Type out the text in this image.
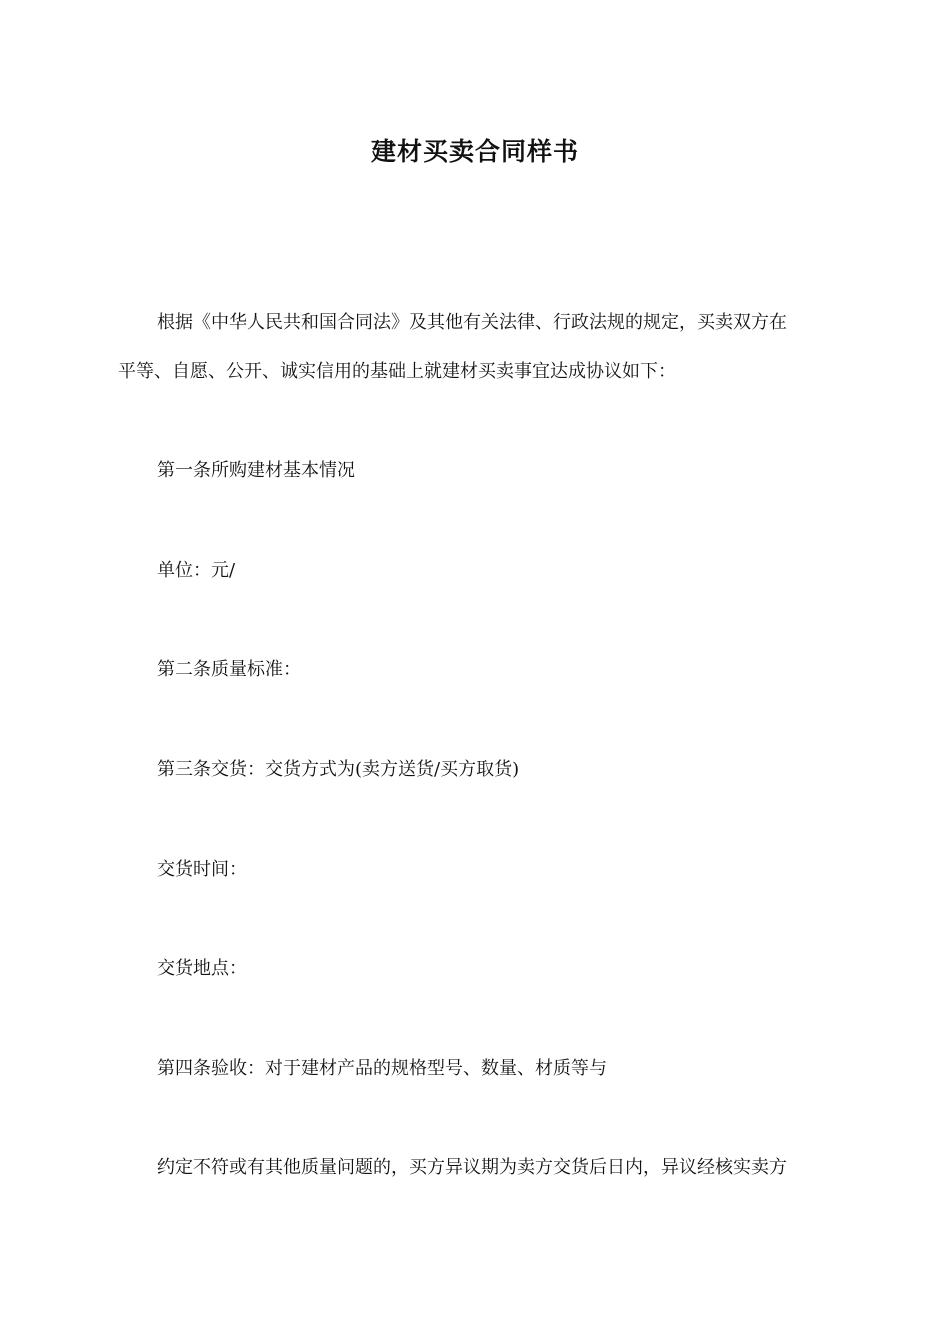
建材买卖合同样书

根据《中华人民共和国合同法》及其他有关法律、行政法规的规定，买卖双方在

平等、自愿、公开、诚实信用的基础上就建材买卖事宜达成协议如下：

第一条所购建材基本情况

单位：元/

第二条质量标准：

第三条交货：交货方式为(卖方送货/买方取货)

交货时间：

交货地点：

第四条验收：对于建材产品的规格型号、数量、材质等与

约定不符或有其他质量问题的，买方异议期为卖方交货后日内，异议经核实卖方
